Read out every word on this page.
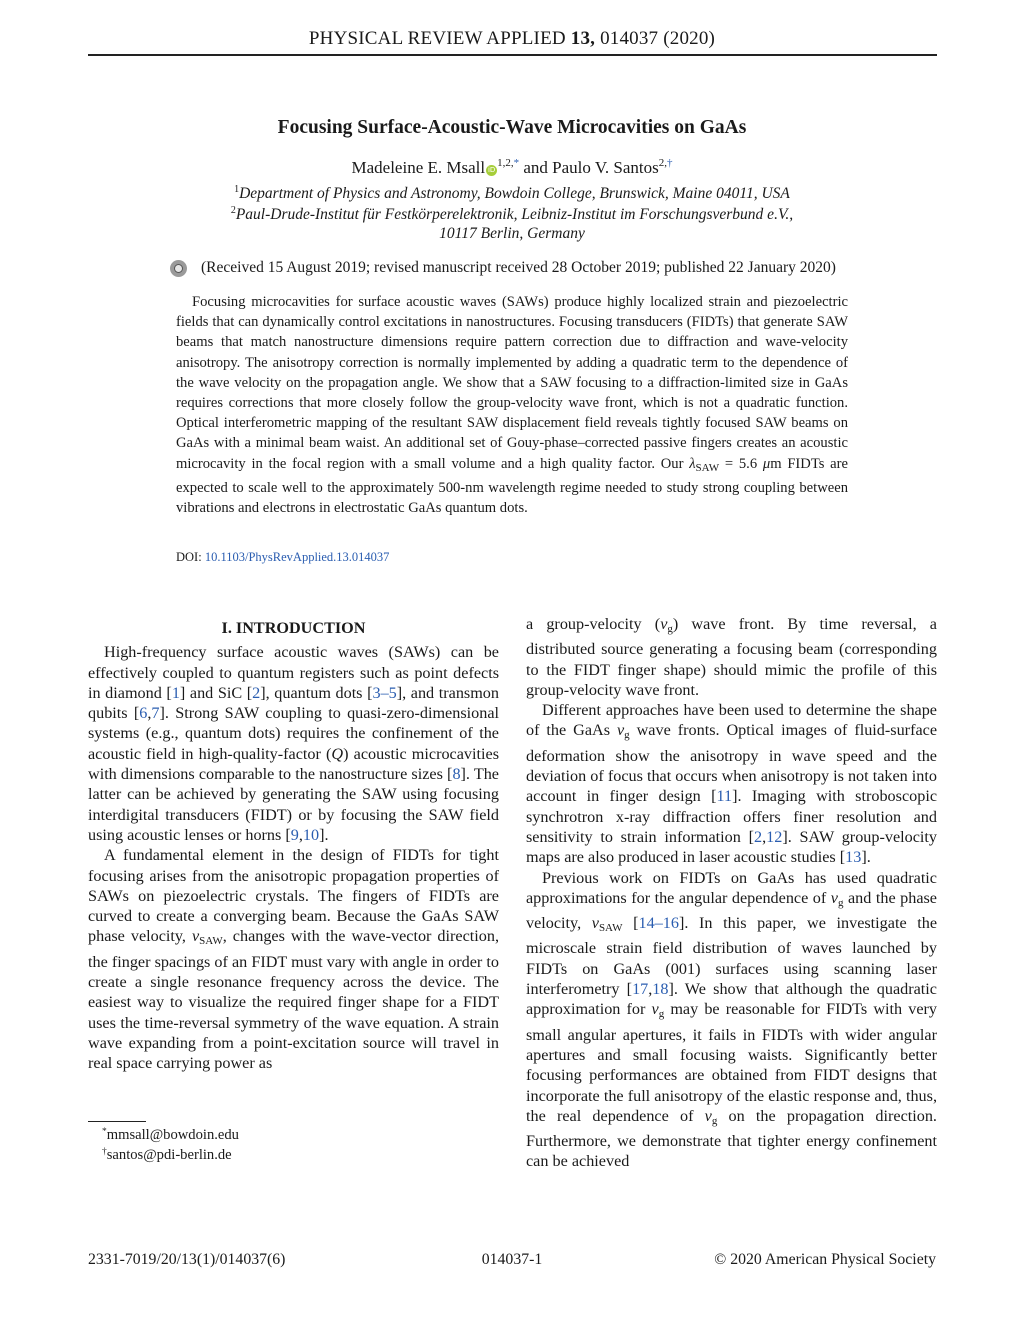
PHYSICAL REVIEW APPLIED 13, 014037 (2020)
Focusing Surface-Acoustic-Wave Microcavities on GaAs
Madeleine E. Msall $iD^{1,2,*}$ and Paulo V. Santos$^{2,\dagger}$
$^1$Department of Physics and Astronomy, Bowdoin College, Brunswick, Maine 04011, USA
$^2$Paul-Drude-Institut für Festkörperelektronik, Leibniz-Institut im Forschungsverbund e.V.,
10117 Berlin, Germany
(Received 15 August 2019; revised manuscript received 28 October 2019; published 22 January 2020)

Focusing microcavities for surface acoustic waves (SAWs) produce highly localized strain and piezoelectric fields that can dynamically control excitations in nanostructures. Focusing transducers (FIDTs) that generate SAW beams that match nanostructure dimensions require pattern correction due to diffraction and wave-velocity anisotropy. The anisotropy correction is normally implemented by adding a quadratic term to the dependence of the wave velocity on the propagation angle. We show that a SAW focusing to a diffraction-limited size in GaAs requires corrections that more closely follow the group-velocity wave front, which is not a quadratic function. Optical interferometric mapping of the resultant SAW displacement field reveals tightly focused SAW beams on GaAs with a minimal beam waist. An additional set of Gouy-phase–corrected passive fingers creates an acoustic microcavity in the focal region with a small volume and a high quality factor. Our $\lambda_{SAW} = 5.6$ μm FIDTs are expected to scale well to the approximately 500-nm wavelength regime needed to study strong coupling between vibrations and electrons in electrostatic GaAs quantum dots.

DOI: 10.1103/PhysRevApplied.13.014037
I. INTRODUCTION

High-frequency surface acoustic waves (SAWs) can be effectively coupled to quantum registers such as point defects in diamond [1] and SiC [2], quantum dots [3–5], and transmon qubits [6,7]. Strong SAW coupling to quasi-zero-dimensional systems (e.g., quantum dots) requires the confinement of the acoustic field in high-quality-factor (Q) acoustic microcavities with dimensions comparable to the nanostructure sizes [8]. The latter can be achieved by generating the SAW using focusing interdigital transducers (FIDT) or by focusing the SAW field using acoustic lenses or horns [9,10].

A fundamental element in the design of FIDTs for tight focusing arises from the anisotropic propagation properties of SAWs on piezoelectric crystals. The fingers of FIDTs are curved to create a converging beam. Because the GaAs SAW phase velocity, $v_{SAW}$, changes with the wave-vector direction, the finger spacings of an FIDT must vary with angle in order to create a single resonance frequency across the device. The easiest way to visualize the required finger shape for a FIDT uses the time-reversal symmetry of the wave equation. A strain wave expanding from a point-excitation source will travel in real space carrying power as

*mmsall@bowdoin.edu
†santos@pdi-berlin.de

a group-velocity $(v_g)$ wave front. By time reversal, a distributed source generating a focusing beam (corresponding to the FIDT finger shape) should mimic the profile of this group-velocity wave front.

Different approaches have been used to determine the shape of the GaAs $v_g$ wave fronts. Optical images of fluid-surface deformation show the anisotropy in wave speed and the deviation of focus that occurs when anisotropy is not taken into account in finger design [11]. Imaging with stroboscopic synchrotron x-ray diffraction offers finer resolution and sensitivity to strain information [2,12]. SAW group-velocity maps are also produced in laser acoustic studies [13].

Previous work on FIDTs on GaAs has used quadratic approximations for the angular dependence of $v_g$ and the phase velocity, $v_{SAW}$ [14–16]. In this paper, we investigate the microscale strain field distribution of waves launched by FIDTs on GaAs (001) surfaces using scanning laser interferometry [17,18]. We show that although the quadratic approximation for $v_g$ may be reasonable for FIDTs with very small angular apertures, it fails in FIDTs with wider angular apertures and small focusing waists. Significantly better focusing performances are obtained from FIDT designs that incorporate the full anisotropy of the elastic response and, thus, the real dependence of $v_g$ on the propagation direction. Furthermore, we demonstrate that tighter energy confinement can be achieved

2331-7019/20/13(1)/014037(6)	014037-1	© 2020 American Physical Society
